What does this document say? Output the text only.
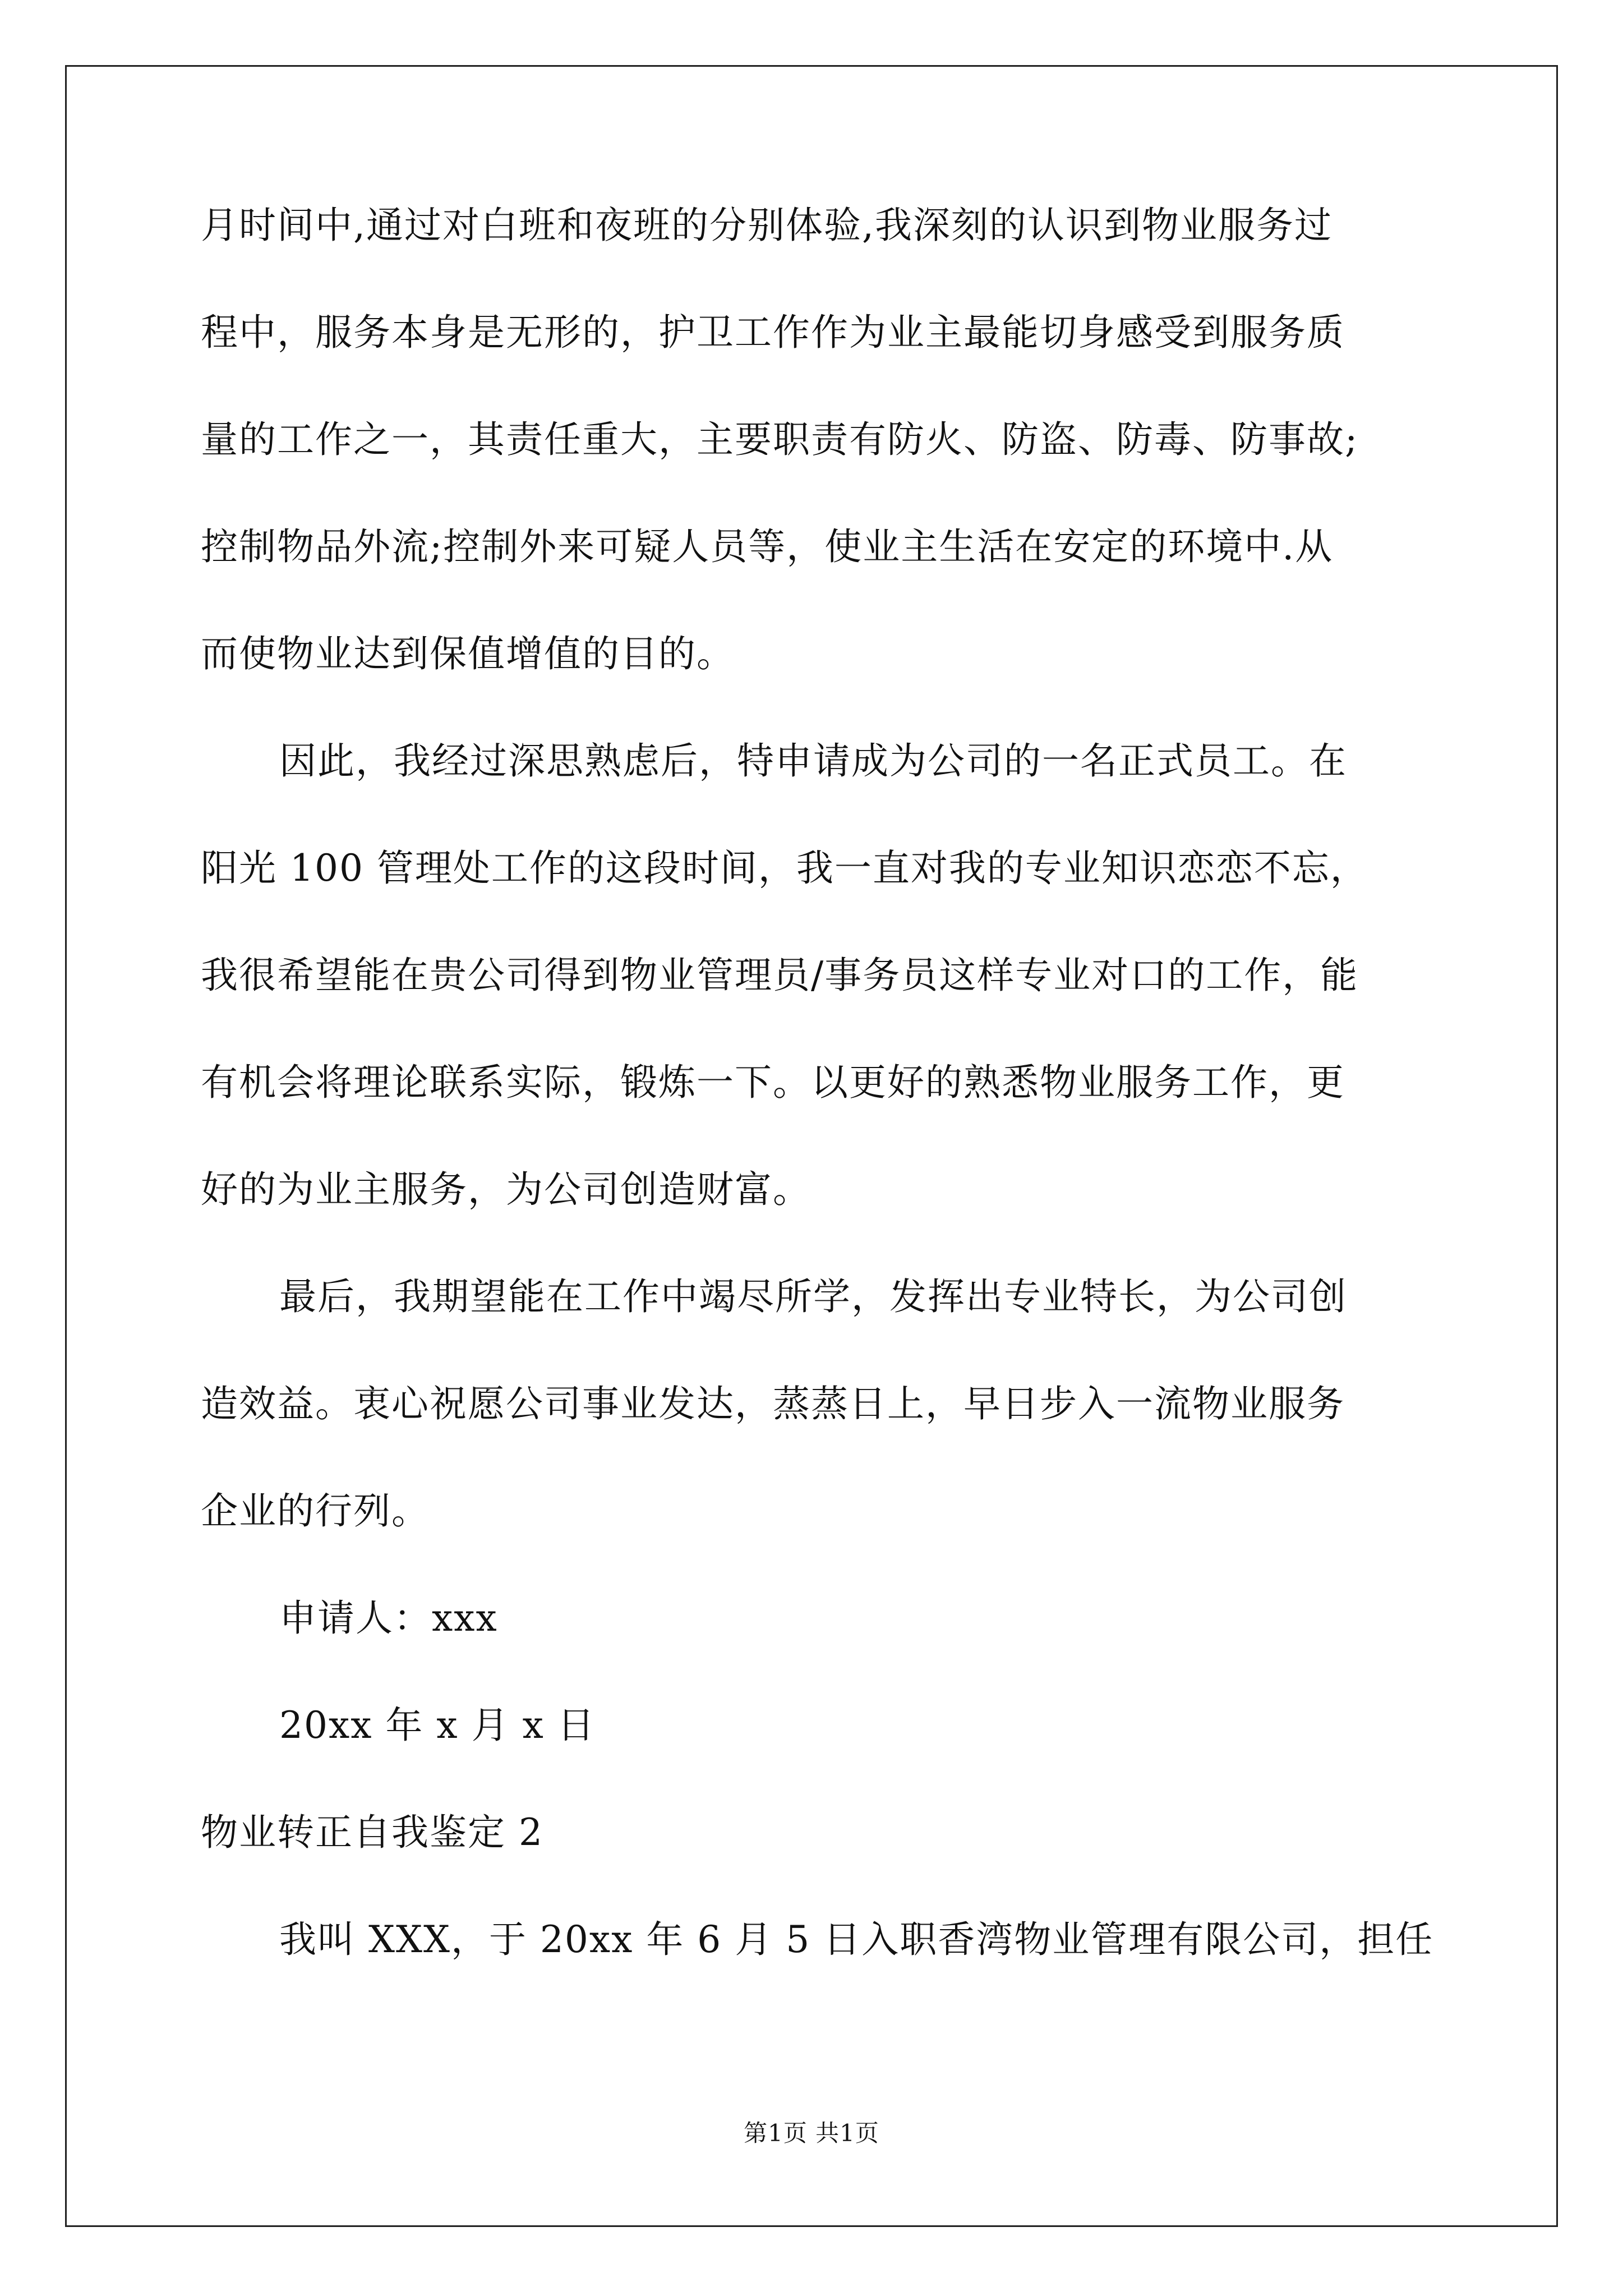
月时间中,通过对白班和夜班的分别体验,我深刻的认识到物业服务过
程中，服务本身是无形的，护卫工作作为业主最能切身感受到服务质
量的工作之一，其责任重大，主要职责有防火、防盗、防毒、防事故;
控制物品外流;控制外来可疑人员等，使业主生活在安定的环境中.从
而使物业达到保值增值的目的。
因此，我经过深思熟虑后，特申请成为公司的一名正式员工。在
阳光 100 管理处工作的这段时间，我一直对我的专业知识恋恋不忘，
我很希望能在贵公司得到物业管理员/事务员这样专业对口的工作，能
有机会将理论联系实际，锻炼一下。以更好的熟悉物业服务工作，更
好的为业主服务，为公司创造财富。
最后，我期望能在工作中竭尽所学，发挥出专业特长，为公司创
造效益。衷心祝愿公司事业发达，蒸蒸日上，早日步入一流物业服务
企业的行列。
申请人：xxx
20xx 年 x 月 x 日
物业转正自我鉴定 2
我叫 XXX，于 20xx 年 6 月 5 日入职香湾物业管理有限公司，担任
第1页 共1页
